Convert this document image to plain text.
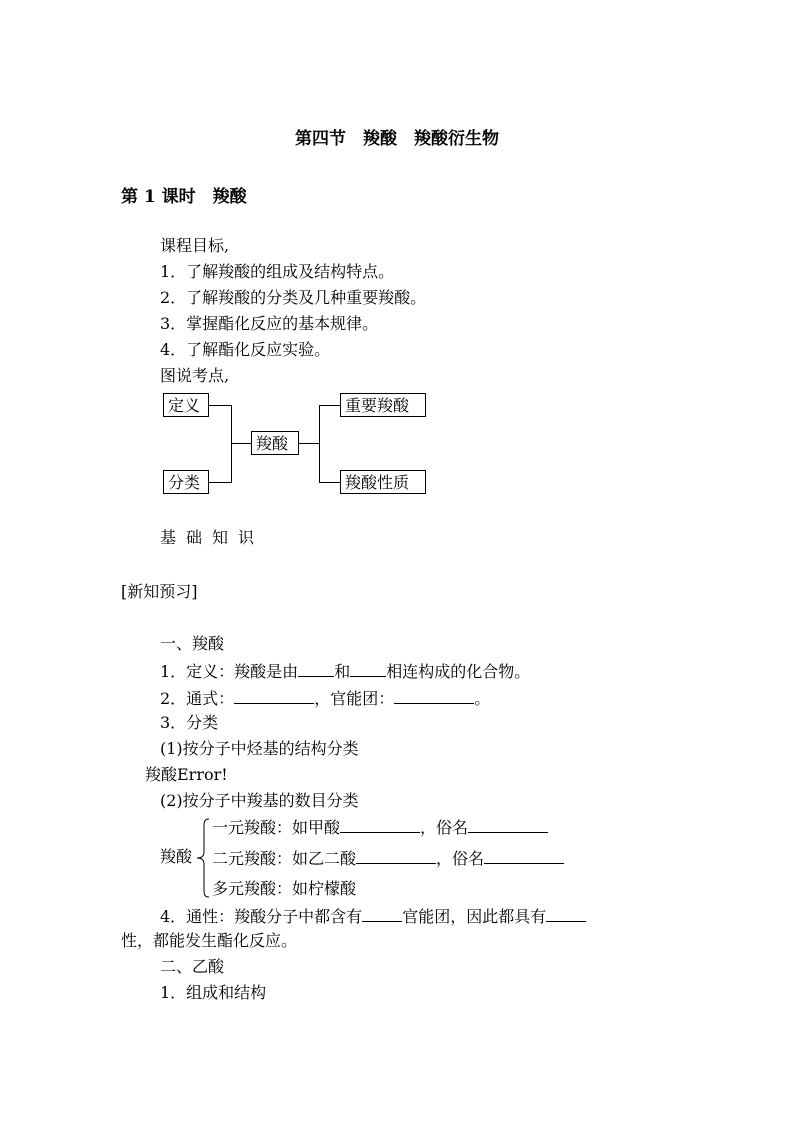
第四节　羧酸　羧酸衍生物
第 1 课时　羧酸
课程目标,
1．了解羧酸的组成及结构特点。
2．了解羧酸的分类及几种重要羧酸。
3．掌握酯化反应的基本规律。
4．了解酯化反应实验。
图说考点,
定义
分类
羧酸
重要羧酸
羧酸性质
基础知识
[新知预习]
一、羧酸
1．定义：羧酸是由 和 相连构成的化合物。
2．通式：	，官能团：	。
3．分类
(1)按分子中烃基的结构分类
羧酸Error!
(2)按分子中羧基的数目分类
羧酸
一元羧酸：如甲酸	，俗名
二元羧酸：如乙二酸	，俗名
多元羧酸：如柠檬酸
4．通性：羧酸分子中都含有	官能团，因此都具有
性，都能发生酯化反应。
二、乙酸
1．组成和结构
